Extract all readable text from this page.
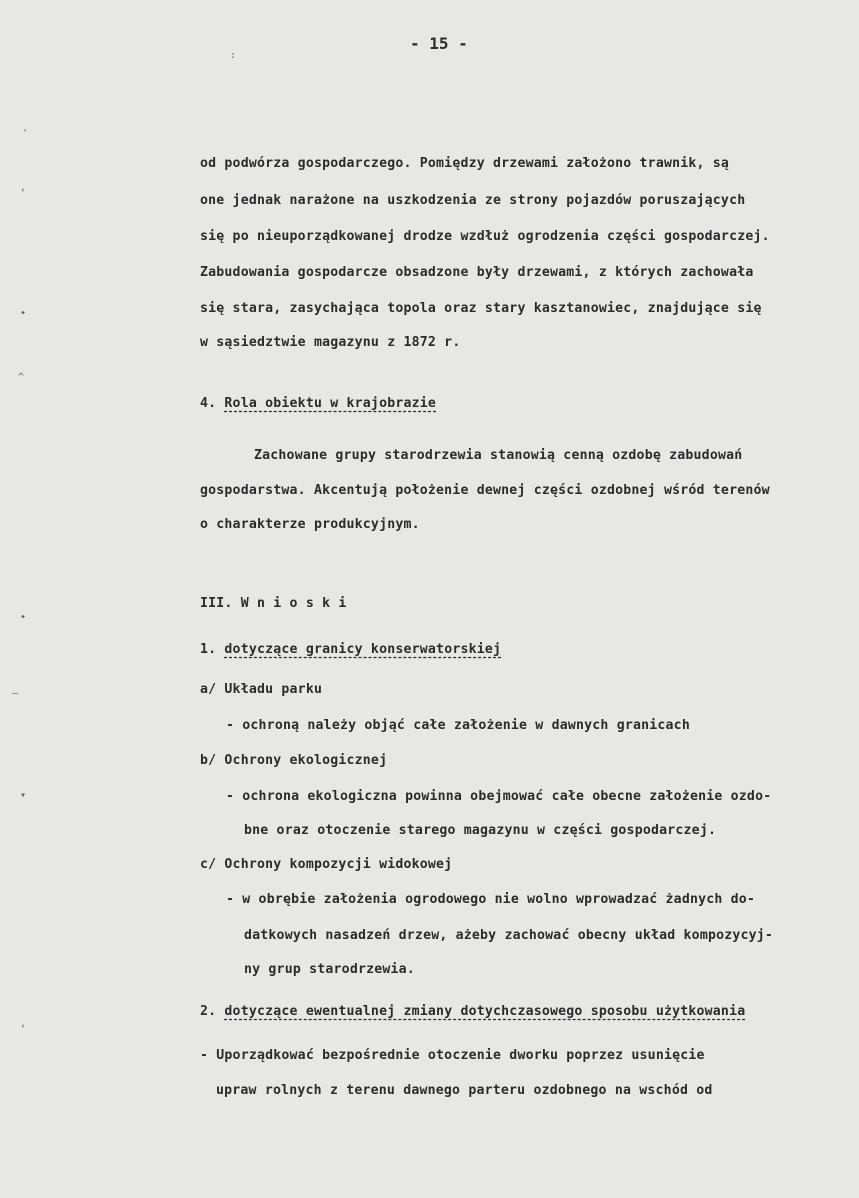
- 15 -
'
,
•
^
•
—
▾
,
:
od podwórza gospodarczego. Pomiędzy drzewami założono trawnik, są
one jednak narażone na uszkodzenia ze strony pojazdów poruszających
się po nieuporządkowanej drodze wzdłuż ogrodzenia części gospodarczej.
Zabudowania gospodarcze obsadzone były drzewami, z których zachowała
się stara, zasychająca topola oraz stary kasztanowiec, znajdujące się
w sąsiedztwie magazynu z 1872 r.
4. Rola obiektu w krajobrazie
Zachowane grupy starodrzewia stanowią cenną ozdobę zabudowań
gospodarstwa. Akcentują położenie dewnej części ozdobnej wśród terenów
o charakterze produkcyjnym.
III. W n i o s k i
1. dotyczące granicy konserwatorskiej
a/ Układu parku
- ochroną należy objąć całe założenie w dawnych granicach
b/ Ochrony ekologicznej
- ochrona ekologiczna powinna obejmować całe obecne założenie ozdo-
bne oraz otoczenie starego magazynu w części gospodarczej.
c/ Ochrony kompozycji widokowej
- w obrębie założenia ogrodowego nie wolno wprowadzać żadnych do-
datkowych nasadzeń drzew, ażeby zachować obecny układ kompozycyj-
ny grup starodrzewia.
2. dotyczące ewentualnej zmiany dotychczasowego sposobu użytkowania
- Uporządkować bezpośrednie otoczenie dworku poprzez usunięcie
upraw rolnych z terenu dawnego parteru ozdobnego na wschód od
